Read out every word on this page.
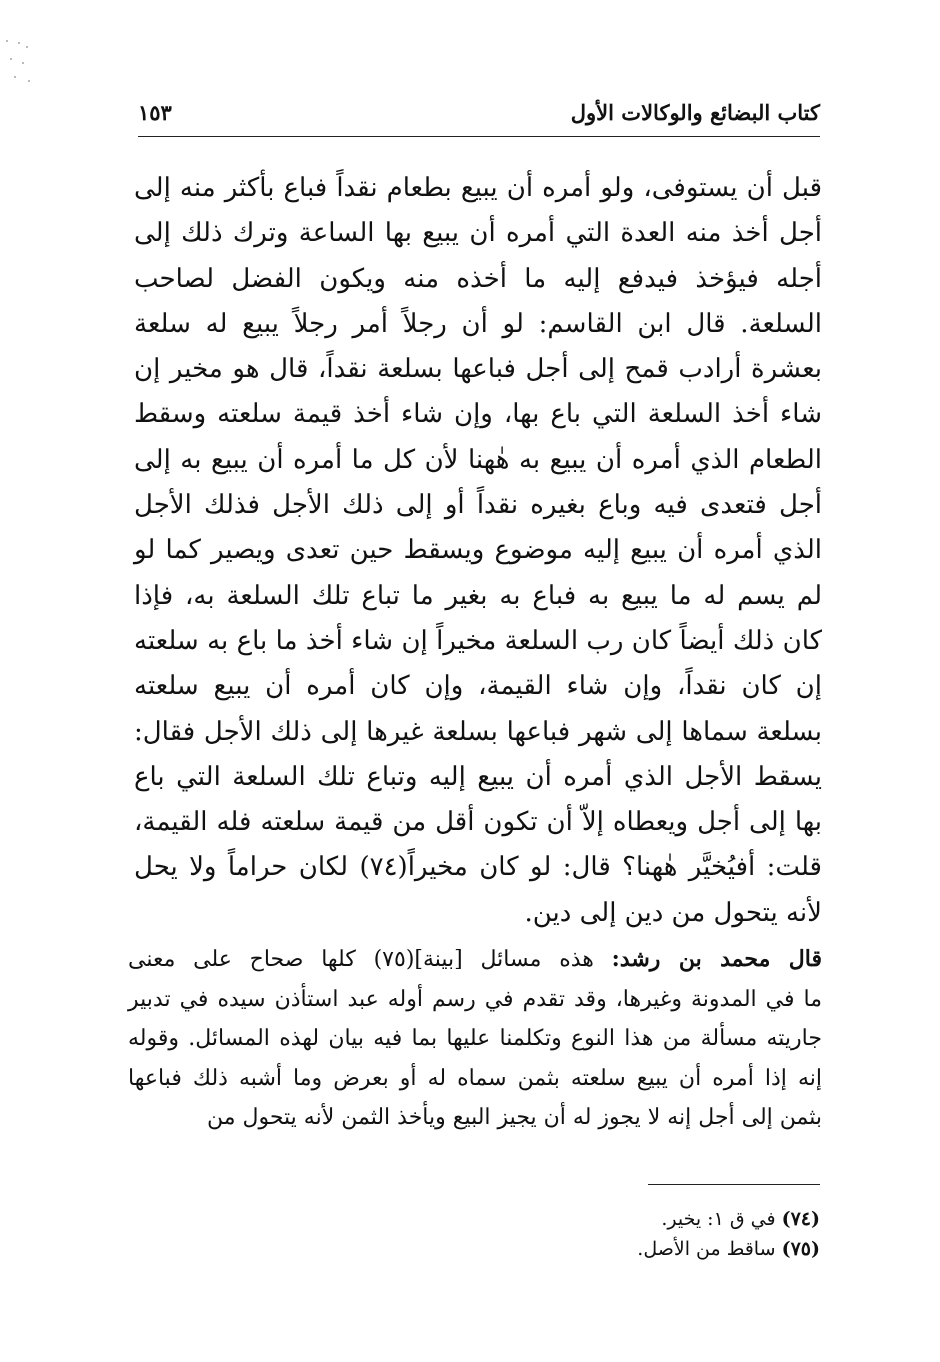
كتاب البضائع والوكالات الأول
١٥٣
قبل أن يستوفى، ولو أمره أن يبيع بطعام نقداً فباع بأكثر منه إلى
أجل أخذ منه العدة التي أمره أن يبيع بها الساعة وترك ذلك إلى
أجله فيؤخذ فيدفع إليه ما أخذه منه ويكون الفضل لصاحب
السلعة. قال ابن القاسم: لو أن رجلاً أمر رجلاً يبيع له سلعة
بعشرة أرادب قمح إلى أجل فباعها بسلعة نقداً، قال هو مخير إن
شاء أخذ السلعة التي باع بها، وإن شاء أخذ قيمة سلعته وسقط
الطعام الذي أمره أن يبيع به هٰهنا لأن كل ما أمره أن يبيع به إلى
أجل فتعدى فيه وباع بغيره نقداً أو إلى ذلك الأجل فذلك الأجل
الذي أمره أن يبيع إليه موضوع ويسقط حين تعدى ويصير كما لو
لم يسم له ما يبيع به فباع به بغير ما تباع تلك السلعة به، فإذا
كان ذلك أيضاً كان رب السلعة مخيراً إن شاء أخذ ما باع به سلعته
إن كان نقداً، وإن شاء القيمة، وإن كان أمره أن يبيع سلعته
بسلعة سماها إلى شهر فباعها بسلعة غيرها إلى ذلك الأجل فقال:
يسقط الأجل الذي أمره أن يبيع إليه وتباع تلك السلعة التي باع
بها إلى أجل ويعطاه إلاّ أن تكون أقل من قيمة سلعته فله القيمة،
قلت: أفيُخيَّر هٰهنا؟ قال: لو كان مخيراً(٧٤) لكان حراماً ولا يحل
لأنه يتحول من دين إلى دين.
قال محمد بن رشد: هذه مسائل [بينة](٧٥) كلها صحاح على معنى
ما في المدونة وغيرها، وقد تقدم في رسم أوله عبد استأذن سيده في تدبير
جاريته مسألة من هذا النوع وتكلمنا عليها بما فيه بيان لهذه المسائل. وقوله
إنه إذا أمره أن يبيع سلعته بثمن سماه له أو بعرض وما أشبه ذلك فباعها
بثمن إلى أجل إنه لا يجوز له أن يجيز البيع ويأخذ الثمن لأنه يتحول من
(٧٤) في ق ١: يخير.
(٧٥) ساقط من الأصل.
